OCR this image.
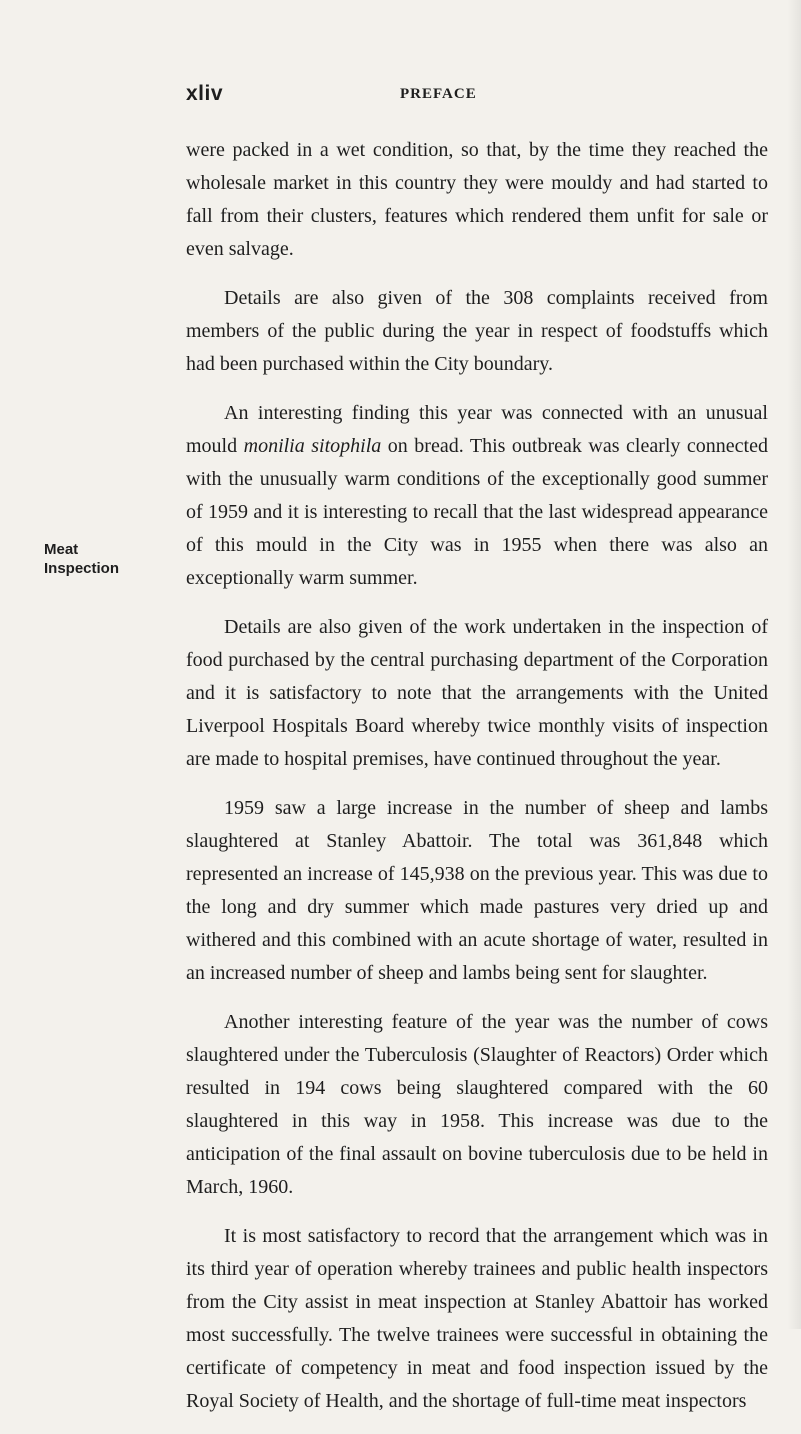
xliv	PREFACE
Meat
Inspection

were packed in a wet condition, so that, by the time they reached the wholesale market in this country they were mouldy and had started to fall from their clusters, features which rendered them unfit for sale or even salvage.

Details are also given of the 308 complaints received from members of the public during the year in respect of foodstuffs which had been purchased within the City boundary.

An interesting finding this year was connected with an unusual mould monilia sitophila on bread. This outbreak was clearly connected with the unusually warm conditions of the exceptionally good summer of 1959 and it is interesting to recall that the last widespread appearance of this mould in the City was in 1955 when there was also an exceptionally warm summer.

Details are also given of the work undertaken in the inspection of food purchased by the central purchasing department of the Corporation and it is satisfactory to note that the arrangements with the United Liverpool Hospitals Board whereby twice monthly visits of inspection are made to hospital premises, have continued throughout the year.

1959 saw a large increase in the number of sheep and lambs slaughtered at Stanley Abattoir. The total was 361,848 which represented an increase of 145,938 on the previous year. This was due to the long and dry summer which made pastures very dried up and withered and this combined with an acute shortage of water, resulted in an increased number of sheep and lambs being sent for slaughter.

Another interesting feature of the year was the number of cows slaughtered under the Tuberculosis (Slaughter of Reactors) Order which resulted in 194 cows being slaughtered compared with the 60 slaughtered in this way in 1958. This increase was due to the anticipation of the final assault on bovine tuberculosis due to be held in March, 1960.

It is most satisfactory to record that the arrangement which was in its third year of operation whereby trainees and public health inspectors from the City assist in meat inspection at Stanley Abattoir has worked most successfully. The twelve trainees were successful in obtaining the certificate of competency in meat and food inspection issued by the Royal Society of Health, and the shortage of full-time meat inspectors
